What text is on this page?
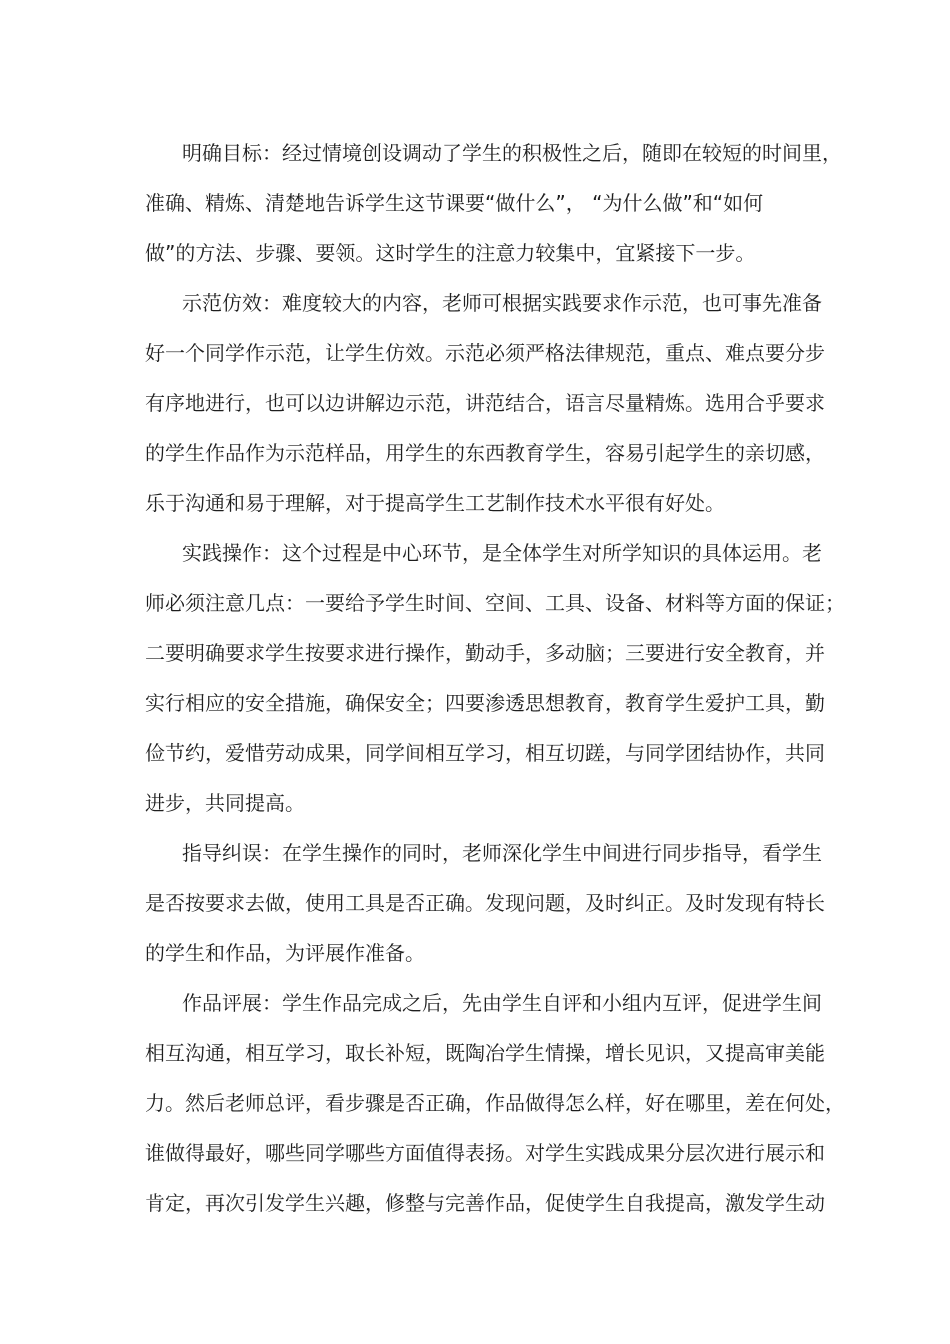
明确目标：经过情境创设调动了学生的积极性之后，随即在较短的时间里，
准确、精炼、清楚地告诉学生这节课要“做什么”， “为什么做”和“如何
做”的方法、步骤、要领。这时学生的注意力较集中，宜紧接下一步。
示范仿效：难度较大的内容，老师可根据实践要求作示范，也可事先准备
好一个同学作示范，让学生仿效。示范必须严格法律规范，重点、难点要分步
有序地进行，也可以边讲解边示范，讲范结合，语言尽量精炼。选用合乎要求
的学生作品作为示范样品，用学生的东西教育学生，容易引起学生的亲切感，
乐于沟通和易于理解，对于提高学生工艺制作技术水平很有好处。
实践操作：这个过程是中心环节，是全体学生对所学知识的具体运用。老
师必须注意几点：一要给予学生时间、空间、工具、设备、材料等方面的保证；
二要明确要求学生按要求进行操作，勤动手，多动脑；三要进行安全教育，并
实行相应的安全措施，确保安全；四要渗透思想教育，教育学生爱护工具，勤
俭节约，爱惜劳动成果，同学间相互学习，相互切蹉，与同学团结协作，共同
进步，共同提高。
指导纠误：在学生操作的同时，老师深化学生中间进行同步指导，看学生
是否按要求去做，使用工具是否正确。发现问题，及时纠正。及时发现有特长
的学生和作品，为评展作准备。
作品评展：学生作品完成之后，先由学生自评和小组内互评，促进学生间
相互沟通，相互学习，取长补短，既陶冶学生情操，增长见识，又提高审美能
力。然后老师总评，看步骤是否正确，作品做得怎么样，好在哪里，差在何处，
谁做得最好，哪些同学哪些方面值得表扬。对学生实践成果分层次进行展示和
肯定，再次引发学生兴趣，修整与完善作品，促使学生自我提高，激发学生动
